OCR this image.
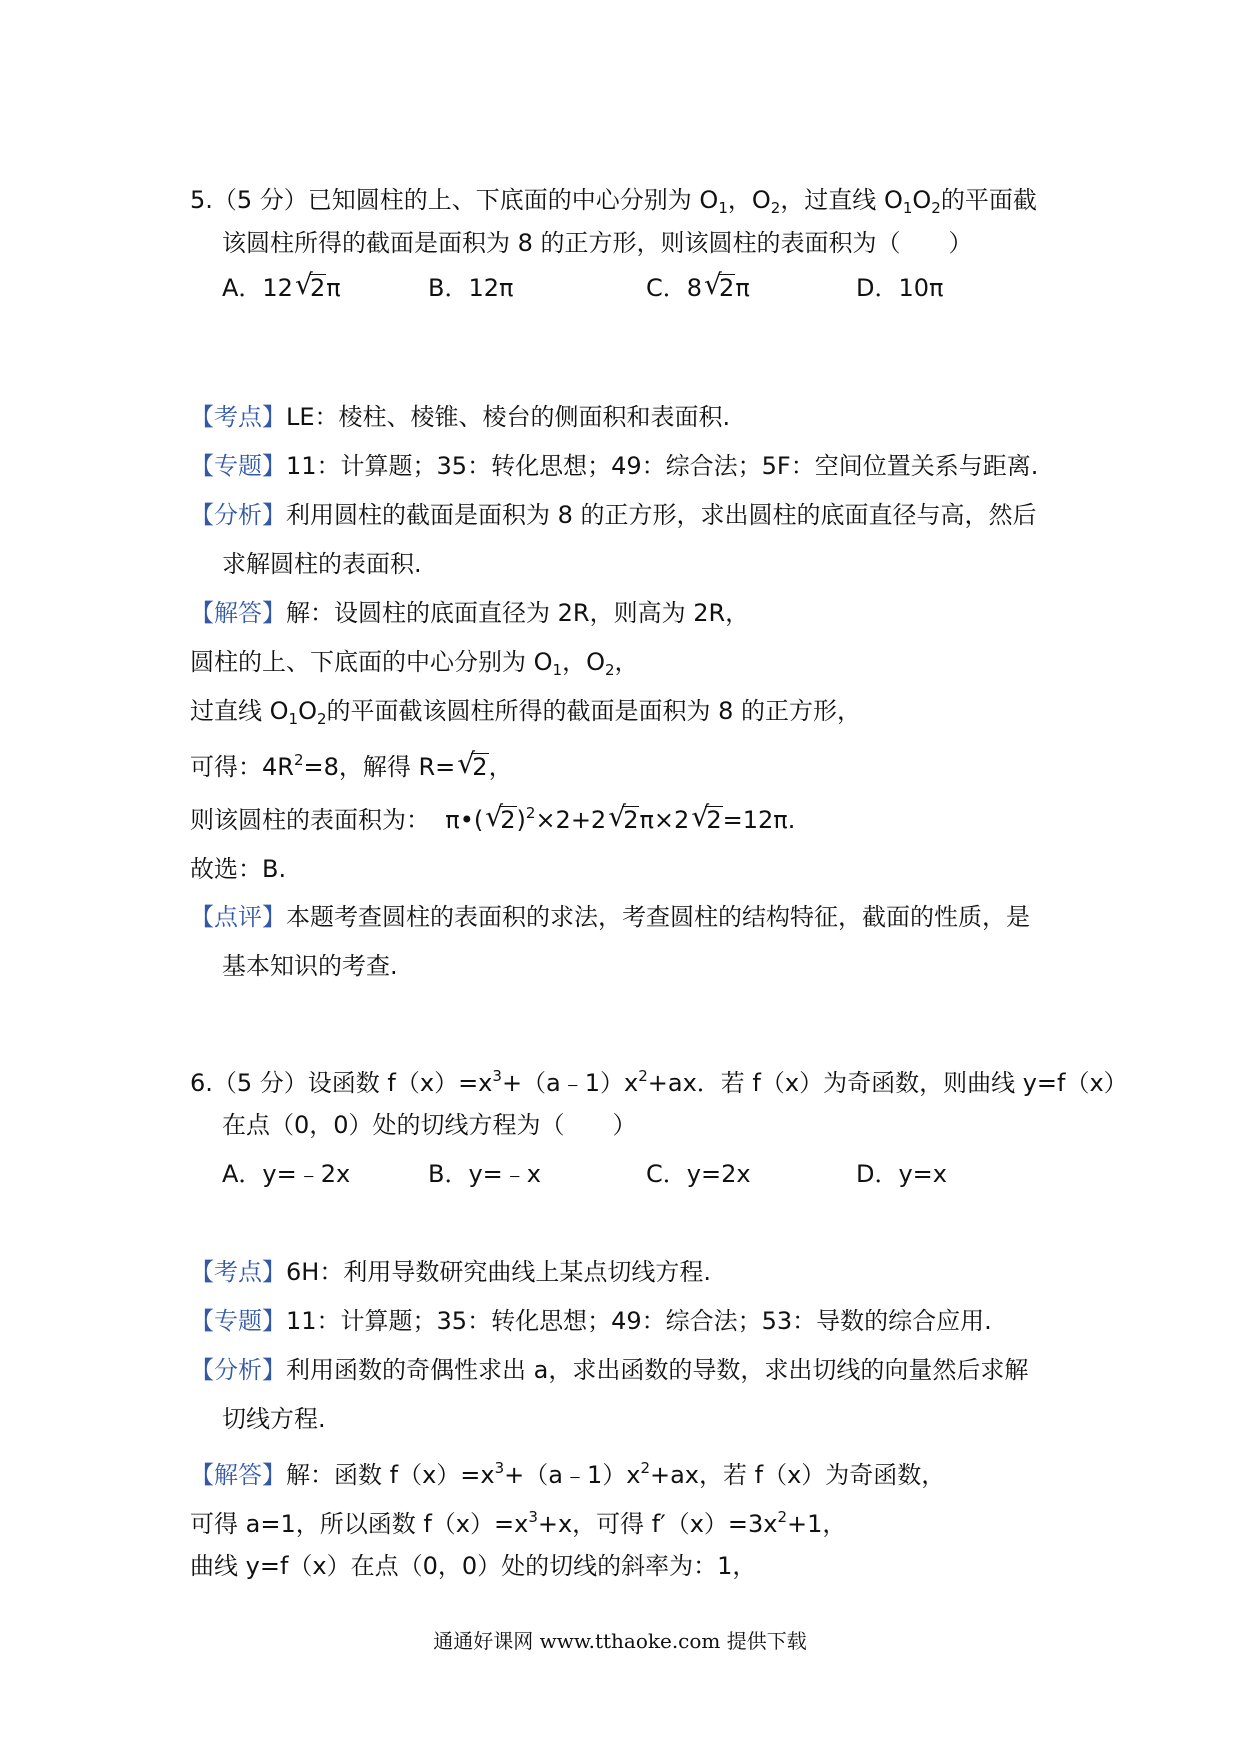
5.（5 分）已知圆柱的上、下底面的中心分别为 $O_1$，$O_2$，过直线 $O_1O_2$的平面截
该圆柱所得的截面是面积为 8 的正方形，则该圆柱的表面积为（　　）
A．12 √ 2π	B．12π	C．8 √ 2π	D．10π
【考点】LE：棱柱、棱锥、棱台的侧面积和表面积.
【专题】11：计算题；35：转化思想；49：综合法；5F：空间位置关系与距离.
【分析】利用圆柱的截面是面积为 8 的正方形，求出圆柱的底面直径与高，然后
求解圆柱的表面积.
【解答】解：设圆柱的底面直径为 2R，则高为 2R，
圆柱的上、下底面的中心分别为 $O_1$，$O_2$，
过直线 $O_1O_2$的平面截该圆柱所得的截面是面积为 8 的正方形，
可得：$4R^2=8$，解得 R= √ 2，
则该圆柱的表面积为： π•( √ 2)$^2$×2+2 √ 2π×2 √ 2=12π.
故选：B.
【点评】本题考查圆柱的表面积的求法，考查圆柱的结构特征，截面的性质，是
基本知识的考查.
6.（5 分）设函数 $f(x)=x^3+(a﹣1)x^2+ax$．若 f（x）为奇函数，则曲线 y=f（x）
在点（0，0）处的切线方程为（　　）
A．y=﹣2x	B．y=﹣x	C．y=2x	D．y=x
【考点】6H：利用导数研究曲线上某点切线方程.
【专题】11：计算题；35：转化思想；49：综合法；53：导数的综合应用.
【分析】利用函数的奇偶性求出 a，求出函数的导数，求出切线的向量然后求解
切线方程.
【解答】解：函数 $f(x)=x^3+(a﹣1)x^2+ax$，若 f（x）为奇函数，
可得 a=1，所以函数 $f(x)=x^3+x$，可得 $f'(x)=3x^2+1$，
曲线 y=f（x）在点（0，0）处的切线的斜率为：1，
通通好课网 www.tthaoke.com 提供下载
